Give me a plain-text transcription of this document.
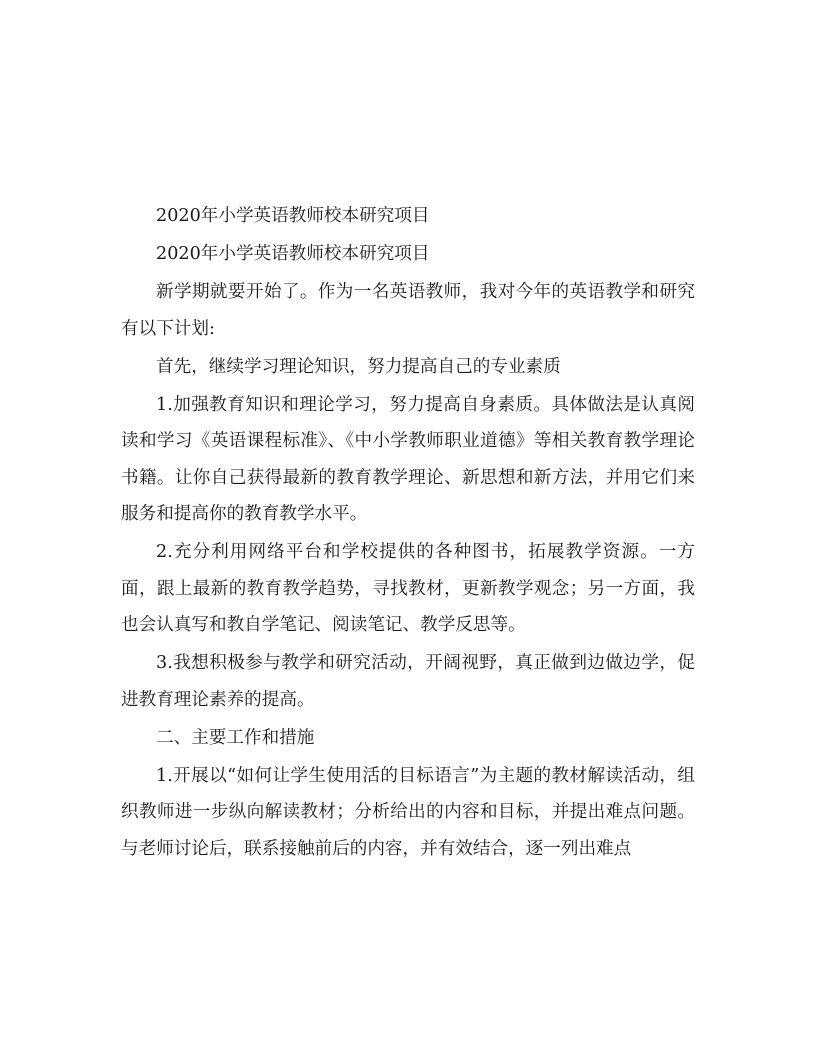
2020年小学英语教师校本研究项目

2020年小学英语教师校本研究项目

新学期就要开始了。作为一名英语教师，我对今年的英语教学和研究有以下计划:

首先，继续学习理论知识，努力提高自己的专业素质

1.加强教育知识和理论学习，努力提高自身素质。具体做法是认真阅读和学习《英语课程标准》、《中小学教师职业道德》等相关教育教学理论书籍。让你自己获得最新的教育教学理论、新思想和新方法，并用它们来服务和提高你的教育教学水平。

2.充分利用网络平台和学校提供的各种图书，拓展教学资源。一方面，跟上最新的教育教学趋势，寻找教材，更新教学观念；另一方面，我也会认真写和教自学笔记、阅读笔记、教学反思等。

3.我想积极参与教学和研究活动，开阔视野，真正做到边做边学，促进教育理论素养的提高。

二、主要工作和措施

1.开展以“如何让学生使用活的目标语言”为主题的教材解读活动，组织教师进一步纵向解读教材；分析给出的内容和目标，并提出难点问题。与老师讨论后，联系接触前后的内容，并有效结合，逐一列出难点
